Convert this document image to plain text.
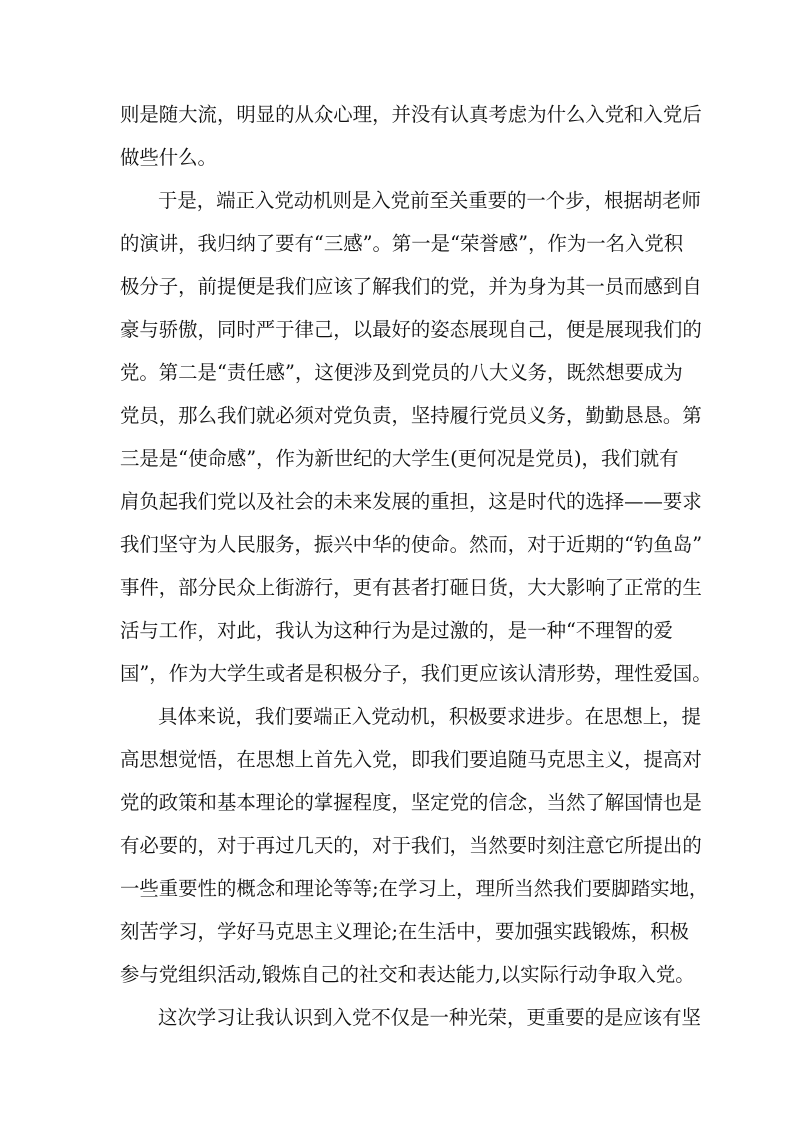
则是随大流，明显的从众心理，并没有认真考虑为什么入党和入党后
做些什么。
于是，端正入党动机则是入党前至关重要的一个步，根据胡老师
的演讲，我归纳了要有“三感”。第一是“荣誉感”，作为一名入党积
极分子，前提便是我们应该了解我们的党，并为身为其一员而感到自
豪与骄傲，同时严于律己，以最好的姿态展现自己，便是展现我们的
党。第二是“责任感”，这便涉及到党员的八大义务，既然想要成为
党员，那么我们就必须对党负责，坚持履行党员义务，勤勤恳恳。第
三是是“使命感”，作为新世纪的大学生(更何况是党员)，我们就有
肩负起我们党以及社会的未来发展的重担，这是时代的选择——要求
我们坚守为人民服务，振兴中华的使命。然而，对于近期的“钓鱼岛”
事件，部分民众上街游行，更有甚者打砸日货，大大影响了正常的生
活与工作，对此，我认为这种行为是过激的，是一种“不理智的爱
国”，作为大学生或者是积极分子，我们更应该认清形势，理性爱国。
具体来说，我们要端正入党动机，积极要求进步。在思想上，提
高思想觉悟，在思想上首先入党，即我们要追随马克思主义，提高对
党的政策和基本理论的掌握程度，坚定党的信念，当然了解国情也是
有必要的，对于再过几天的，对于我们，当然要时刻注意它所提出的
一些重要性的概念和理论等等;在学习上，理所当然我们要脚踏实地，
刻苦学习，学好马克思主义理论;在生活中，要加强实践锻炼，积极
参与党组织活动,锻炼自己的社交和表达能力,以实际行动争取入党。
这次学习让我认识到入党不仅是一种光荣，更重要的是应该有坚
